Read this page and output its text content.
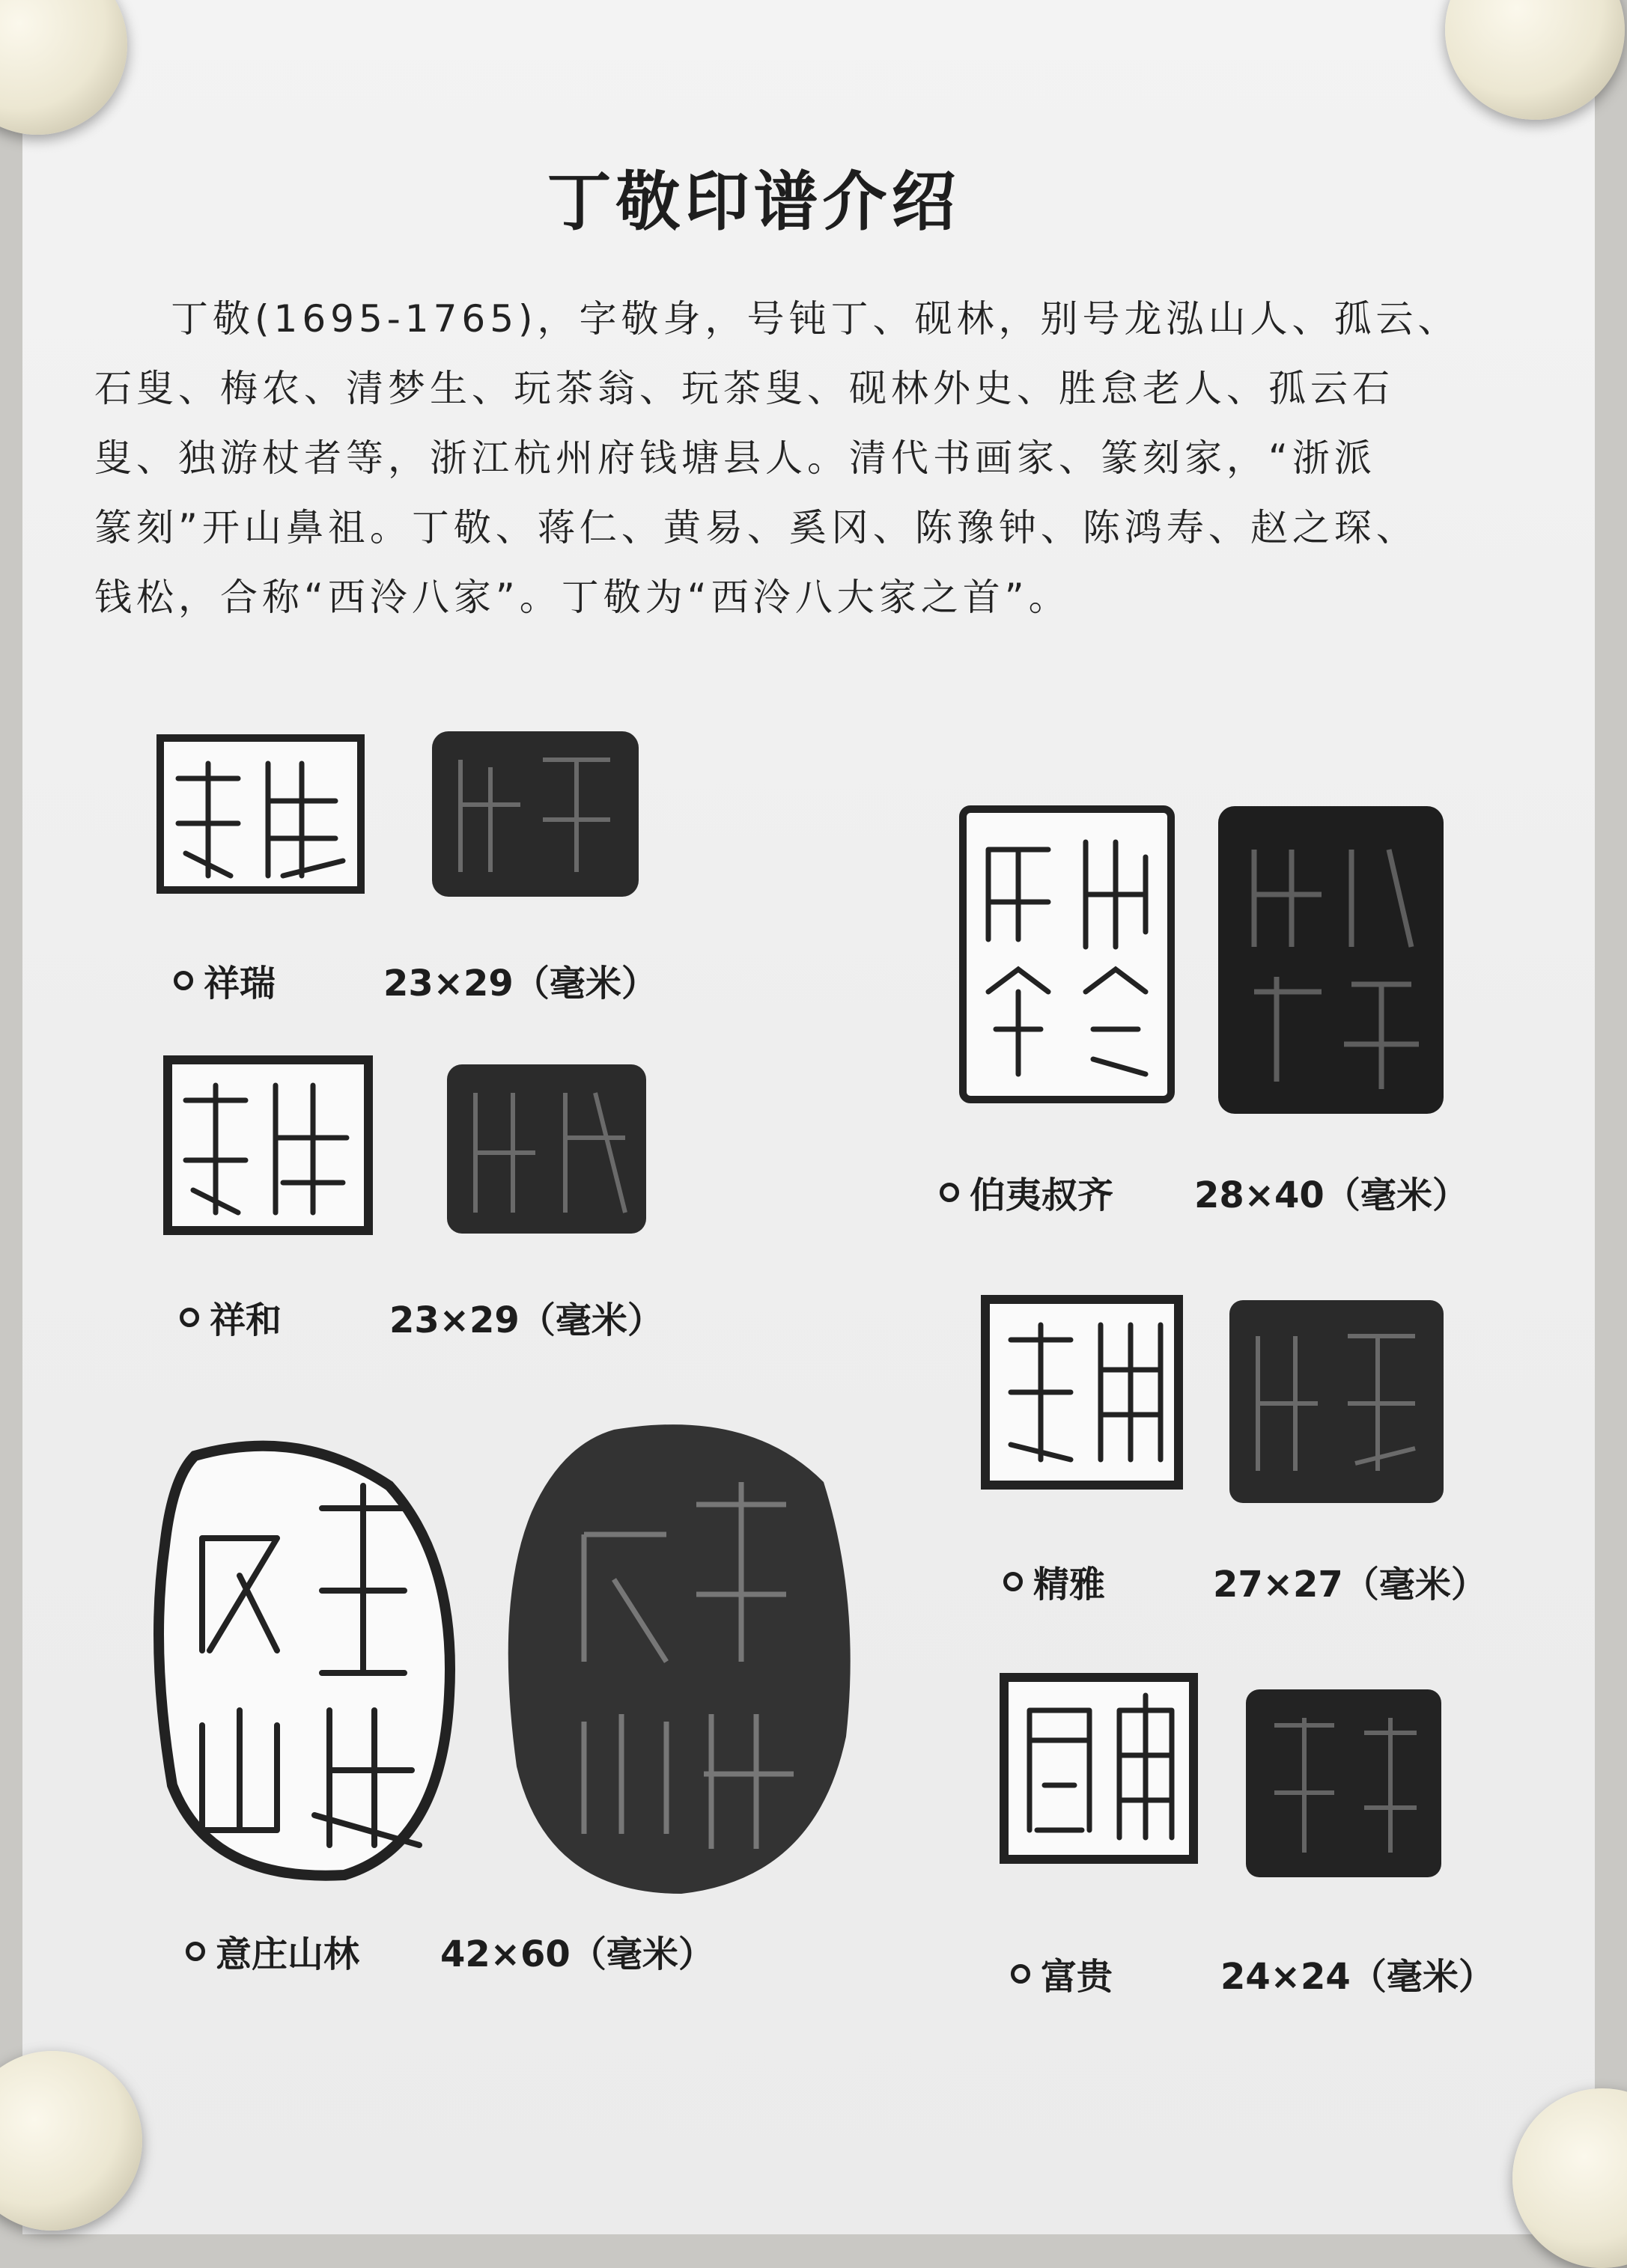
丁敬印谱介绍
丁敬(1695-1765)，字敬身，号钝丁、砚林，别号龙泓山人、孤云、
石叟、梅农、清梦生、玩茶翁、玩茶叟、砚林外史、胜怠老人、孤云石
叟、独游杖者等，浙江杭州府钱塘县人。清代书画家、篆刻家，“浙派
篆刻”开山鼻祖。丁敬、蒋仁、黄易、奚冈、陈豫钟、陈鸿寿、赵之琛、
钱松，合称“西泠八家”。丁敬为“西泠八大家之首”。
祥瑞	23×29（毫米）
祥和	23×29（毫米）
意庄山林	42×60（毫米）
伯夷叔齐	28×40（毫米）
精雅	27×27（毫米）
富贵	24×24（毫米）
